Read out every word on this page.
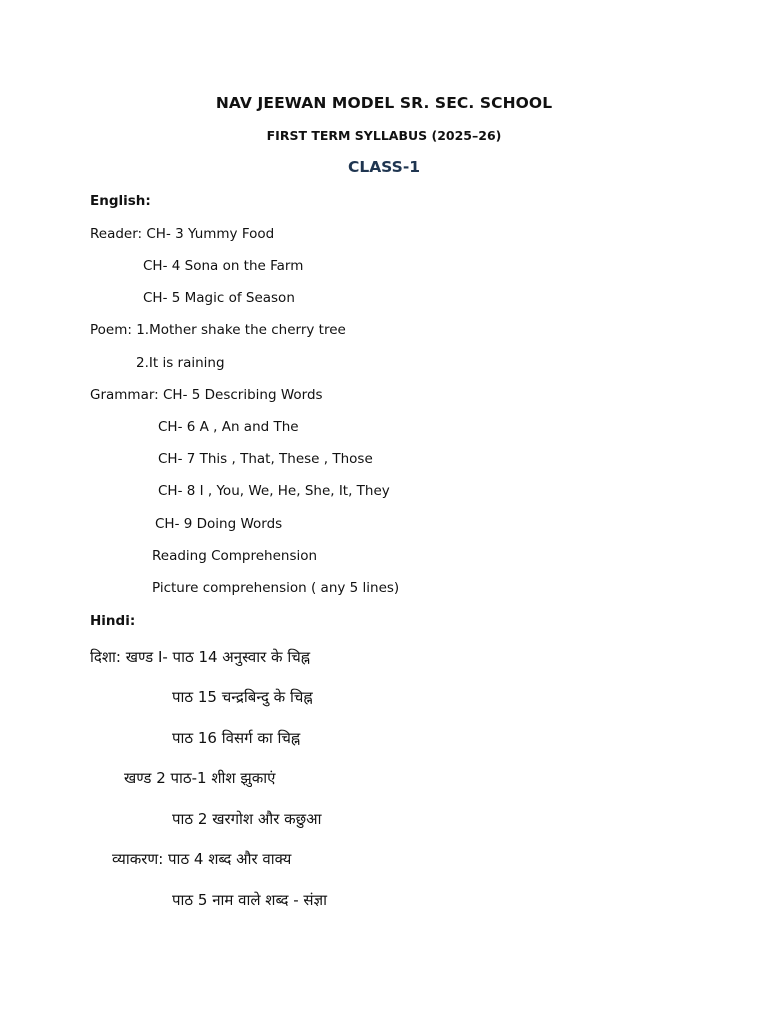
NAV JEEWAN MODEL SR. SEC. SCHOOL
FIRST TERM SYLLABUS (2025–26)
CLASS-1
English:
Reader: CH- 3 Yummy Food
CH- 4 Sona on the Farm
CH- 5 Magic of Season
Poem: 1.Mother shake the cherry tree
2.It is raining
Grammar: CH- 5 Describing Words
CH- 6 A , An and The
CH- 7 This , That, These , Those
CH- 8 I , You, We, He, She, It, They
CH- 9 Doing Words
Reading Comprehension
Picture comprehension ( any 5 lines)
Hindi:
दिशा: खण्ड I- पाठ 14 अनुस्वार के चिह्न
पाठ 15 चन्द्रबिन्दु के चिह्न
पाठ 16 विसर्ग का चिह्न
खण्ड 2 पाठ-1 शीश झुकाएं
पाठ 2 खरगोश और कछुआ
व्याकरण: पाठ 4 शब्द और वाक्य
पाठ 5 नाम वाले शब्द - संज्ञा
